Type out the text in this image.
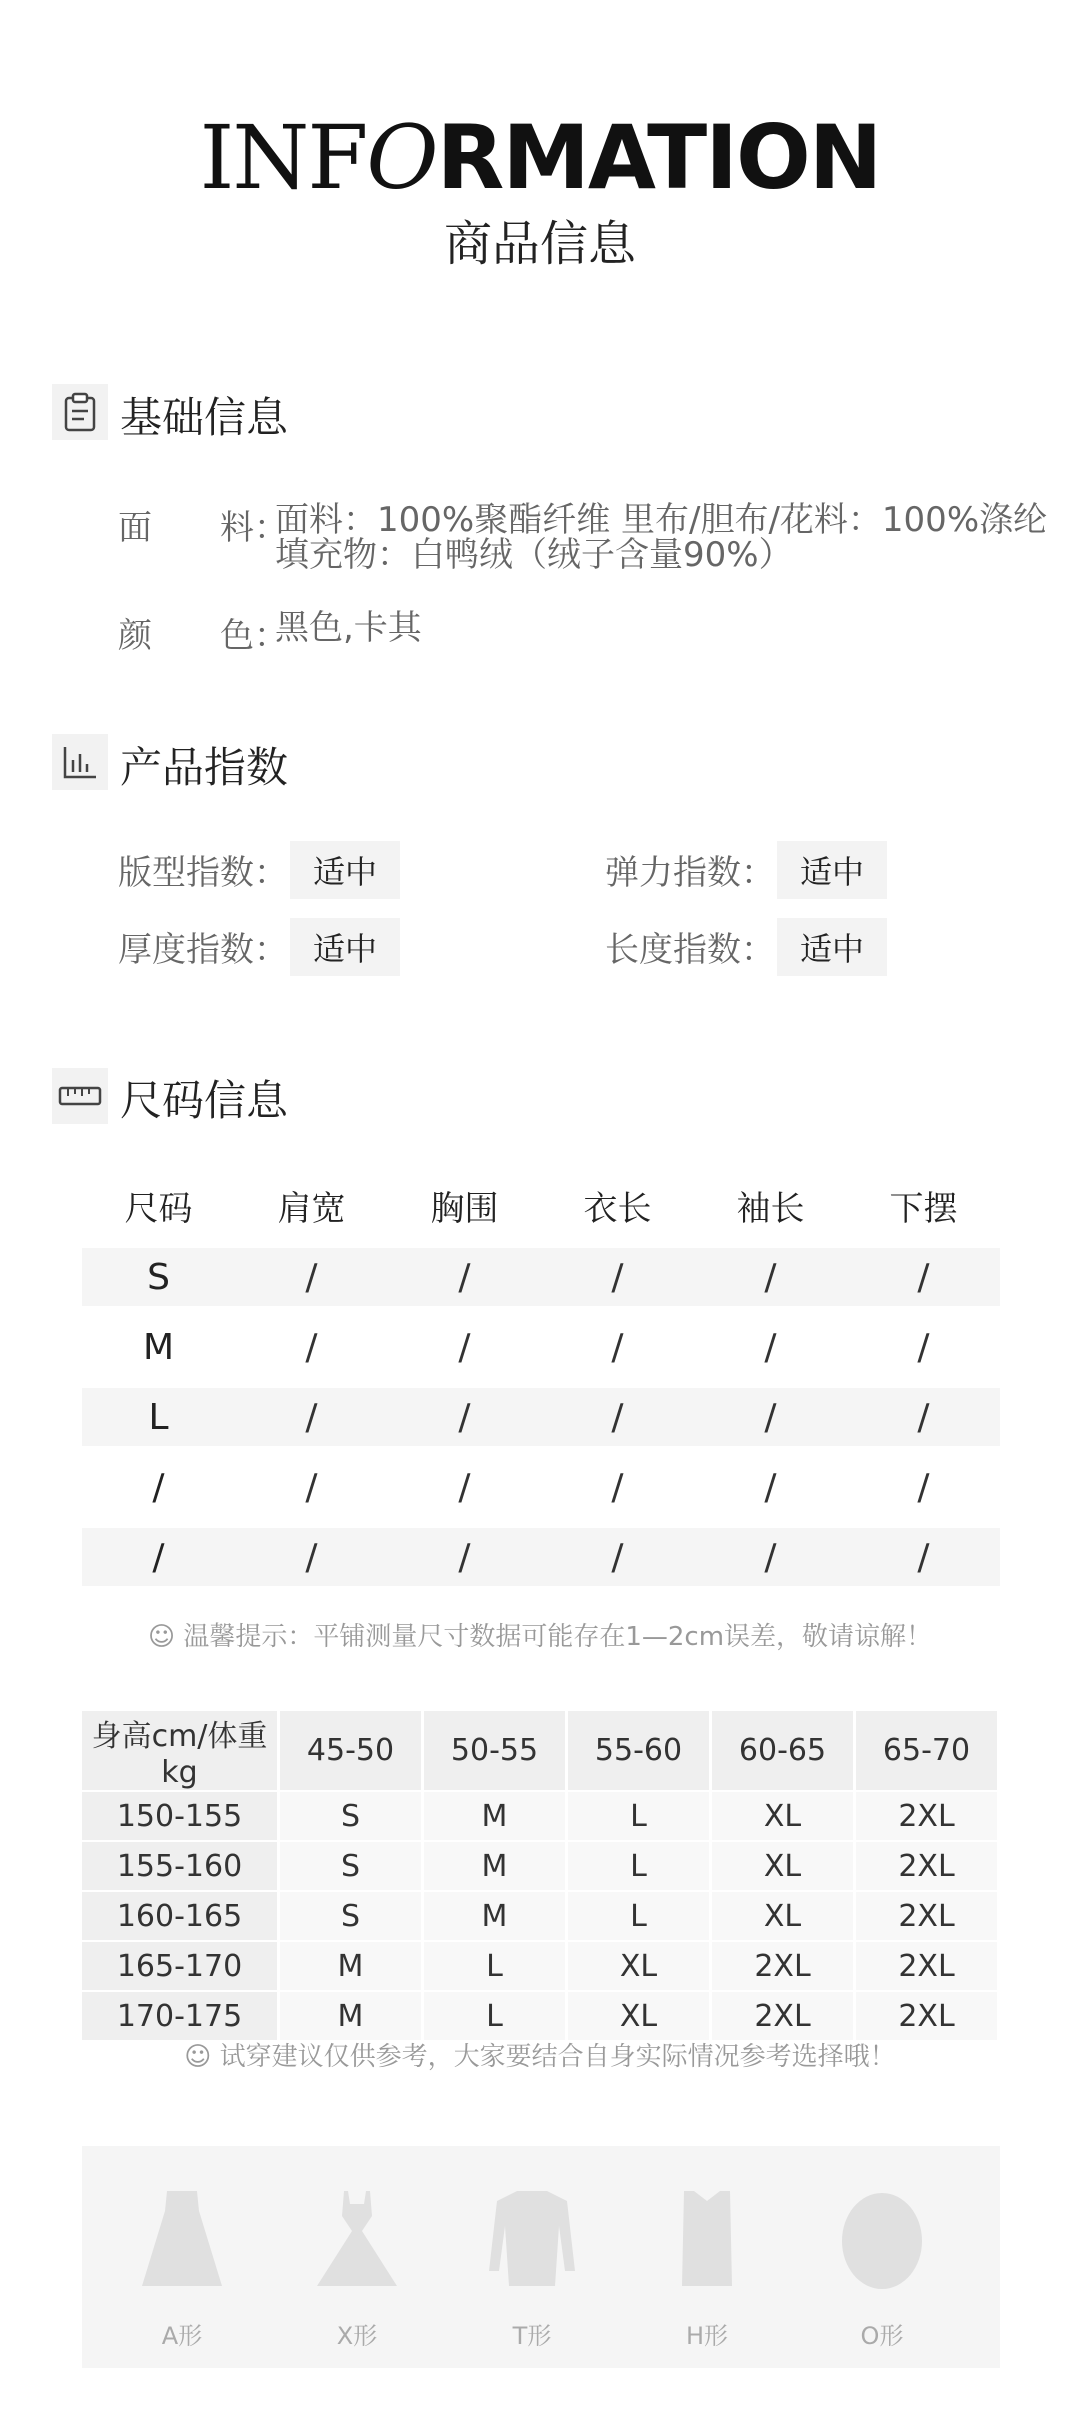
INFORMATION
商品信息
基础信息
面　　料：
面料：100%聚酯纤维 里布/胆布/花料：100%涤纶
填充物：白鸭绒（绒子含量90%）
颜　　色：
黑色,卡其
产品指数
版型指数： 适中	弹力指数： 适中
厚度指数： 适中	长度指数： 适中
尺码信息
尺码	肩宽	胸围	衣长	袖长	下摆
S	/	/	/	/	/
M	/	/	/	/	/
L	/	/	/	/	/
/	/	/	/	/	/
/	/	/	/	/	/
☺ 温馨提示：平铺测量尺寸数据可能存在1—2cm误差，敬请谅解！
身高cm/体重kg	45-50	50-55	55-60	60-65	65-70
150-155	S	M	L	XL	2XL
155-160	S	M	L	XL	2XL
160-165	S	M	L	XL	2XL
165-170	M	L	XL	2XL	2XL
170-175	M	L	XL	2XL	2XL
☺ 试穿建议仅供参考，大家要结合自身实际情况参考选择哦！
A形	X形	T形	H形	O形
